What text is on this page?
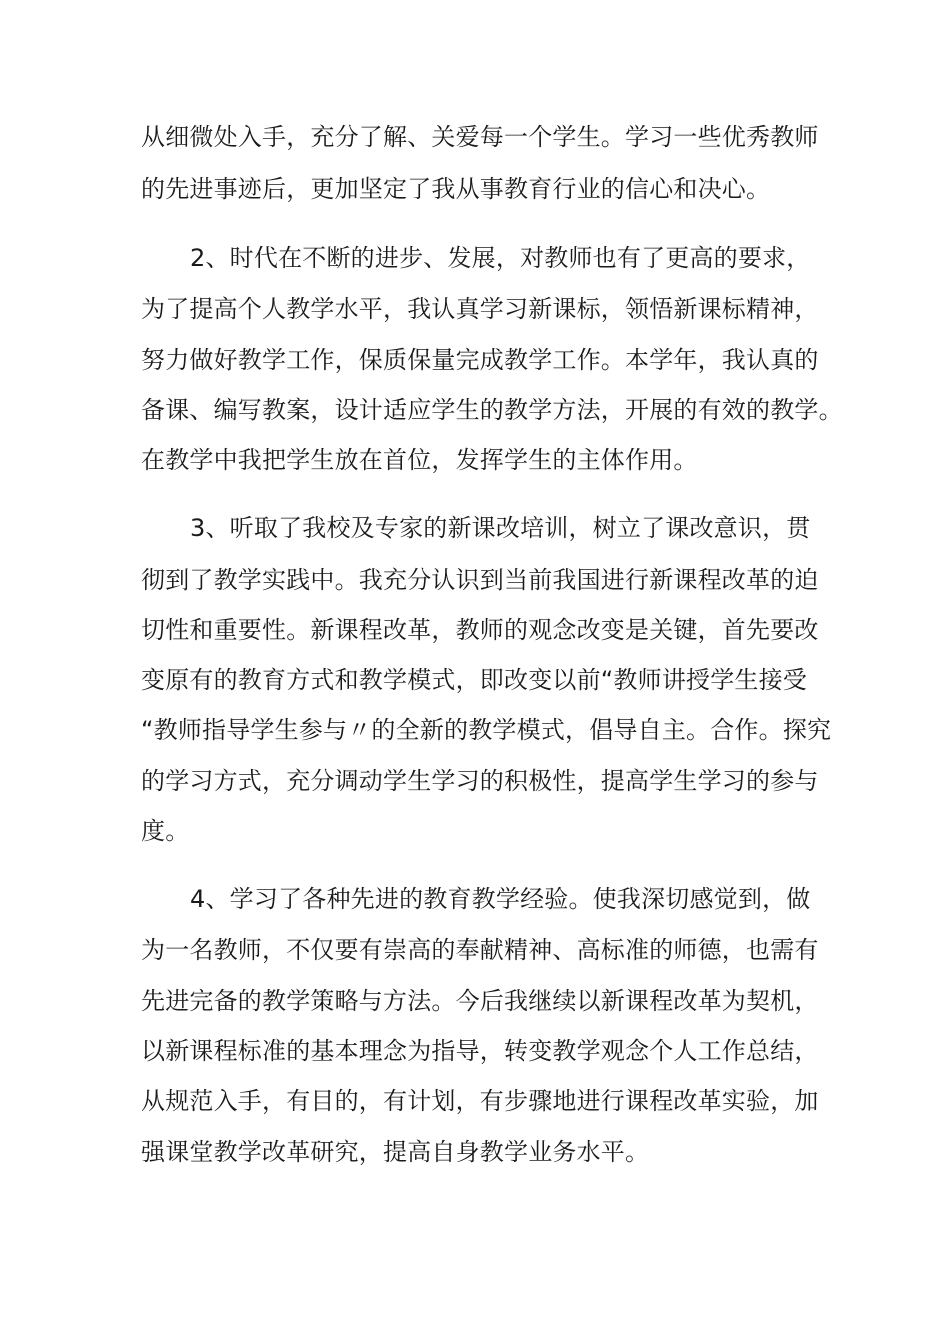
从细微处入手，充分了解、关爱每一个学生。学习一些优秀教师
的先进事迹后，更加坚定了我从事教育行业的信心和决心。
2、时代在不断的进步、发展，对教师也有了更高的要求，
为了提高个人教学水平，我认真学习新课标，领悟新课标精神，
努力做好教学工作，保质保量完成教学工作。本学年，我认真的
备课、编写教案，设计适应学生的教学方法，开展的有效的教学。
在教学中我把学生放在首位，发挥学生的主体作用。
3、听取了我校及专家的新课改培训，树立了课改意识，贯
彻到了教学实践中。我充分认识到当前我国进行新课程改革的迫
切性和重要性。新课程改革，教师的观念改变是关键，首先要改
变原有的教育方式和教学模式，即改变以前“教师讲授学生接受
“教师指导学生参与〃的全新的教学模式，倡导自主。合作。探究
的学习方式，充分调动学生学习的积极性，提高学生学习的参与
度。
4、学习了各种先进的教育教学经验。使我深切感觉到，做
为一名教师，不仅要有崇高的奉献精神、高标准的师德，也需有
先进完备的教学策略与方法。今后我继续以新课程改革为契机，
以新课程标准的基本理念为指导，转变教学观念个人工作总结，
从规范入手，有目的，有计划，有步骤地进行课程改革实验，加
强课堂教学改革研究，提高自身教学业务水平。
